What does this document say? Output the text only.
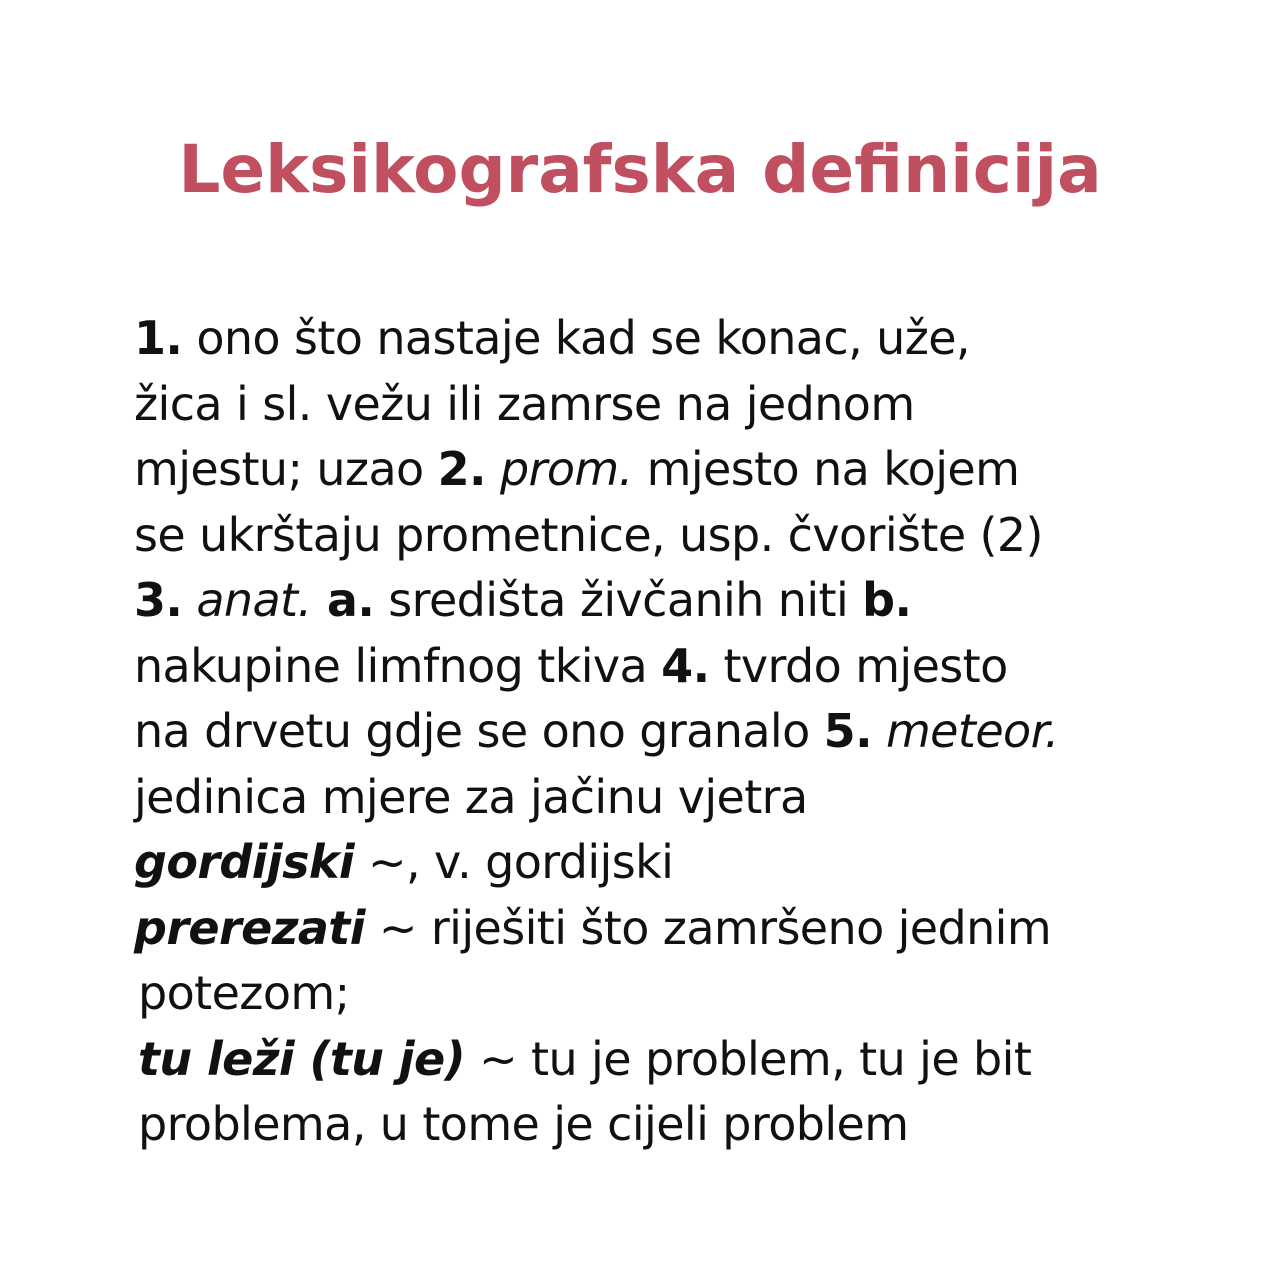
Leksikografska definicija
1. ono što nastaje kad se konac, uže,
žica i sl. vežu ili zamrse na jednom
mjestu; uzao 2. prom. mjesto na kojem
se ukrštaju prometnice, usp. čvorište (2)
3. anat. a. središta živčanih niti b.
nakupine limfnog tkiva 4. tvrdo mjesto
na drvetu gdje se ono granalo 5. meteor.
jedinica mjere za jačinu vjetra
gordijski ~, v. gordijski
prerezati ~ riješiti što zamršeno jednim
potezom;
tu leži (tu je) ~ tu je problem, tu je bit
problema, u tome je cijeli problem
